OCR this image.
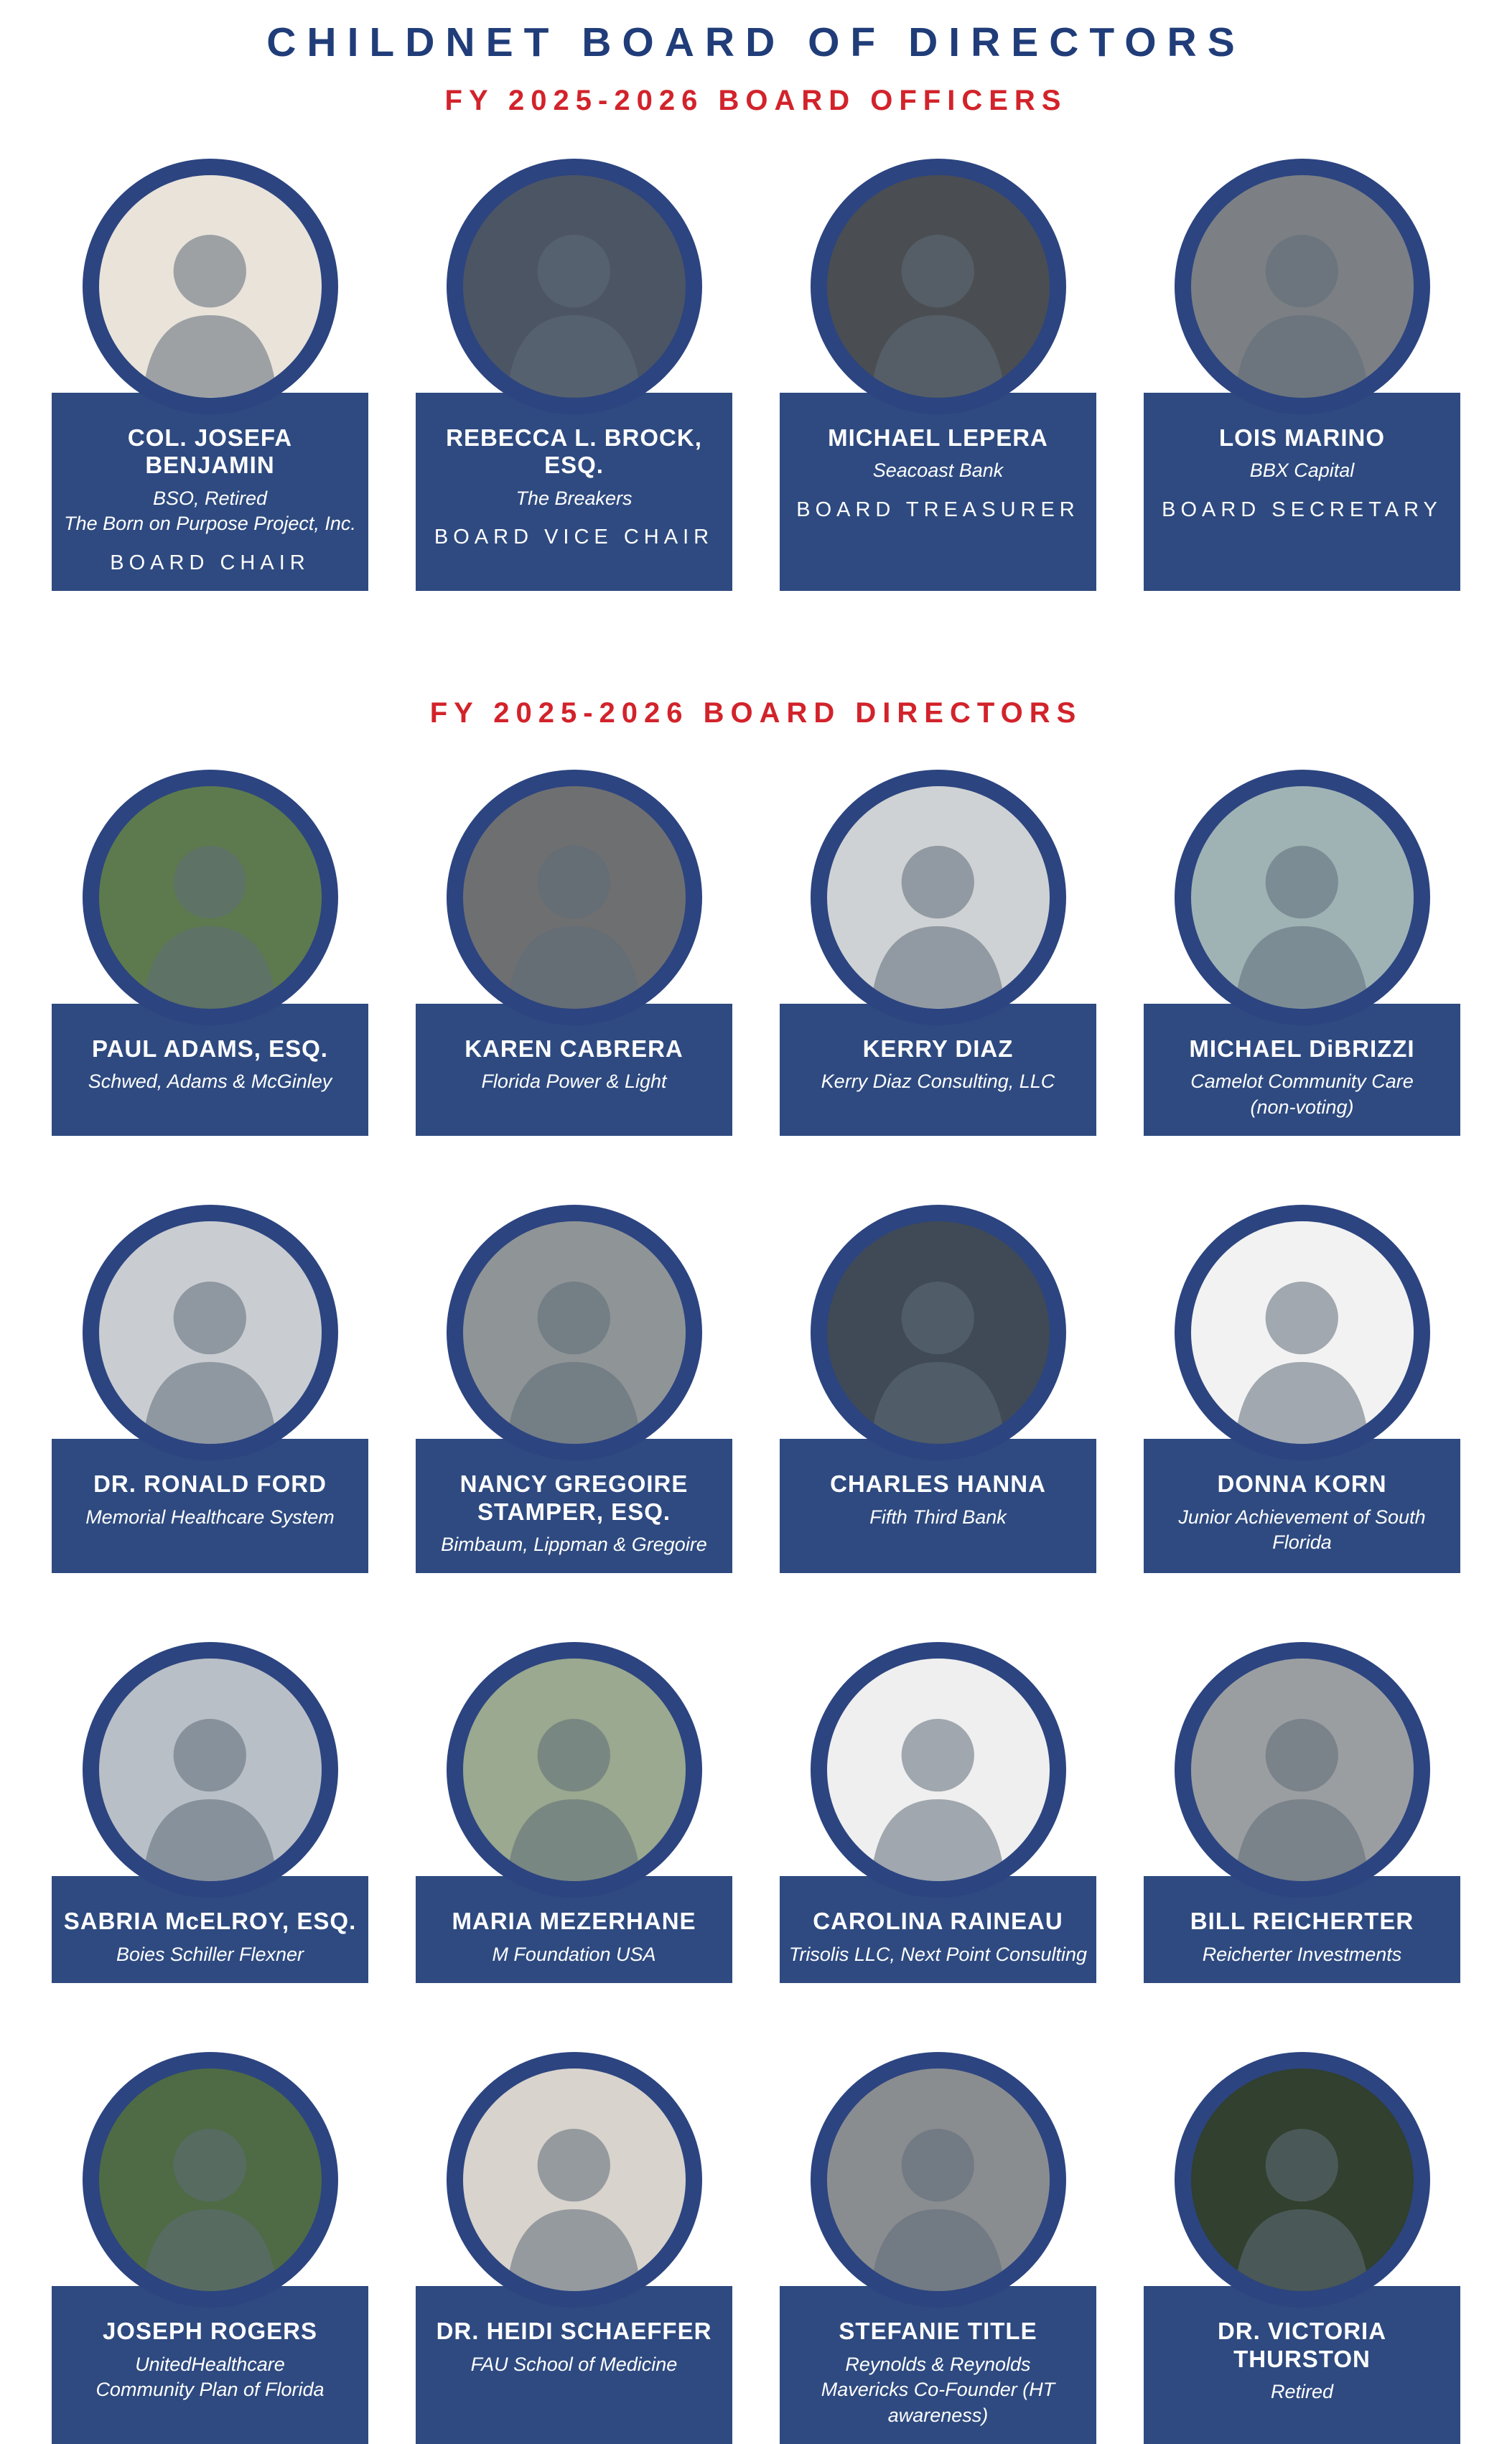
CHILDNET BOARD OF DIRECTORS
FY 2025-2026 BOARD OFFICERS
COL. JOSEFA BENJAMIN
BSO, Retired
The Born on Purpose Project, Inc.
BOARD CHAIR
REBECCA L. BROCK, ESQ.
The Breakers
BOARD VICE CHAIR
MICHAEL LEPERA
Seacoast Bank
BOARD TREASURER
LOIS MARINO
BBX Capital
BOARD SECRETARY
FY 2025-2026 BOARD DIRECTORS
PAUL ADAMS, ESQ.
Schwed, Adams & McGinley
KAREN CABRERA
Florida Power & Light
KERRY DIAZ
Kerry Diaz Consulting, LLC
MICHAEL DiBRIZZI
Camelot Community Care
(non-voting)
DR. RONALD FORD
Memorial Healthcare System
NANCY GREGOIRE STAMPER, ESQ.
Bimbaum, Lippman & Gregoire
CHARLES HANNA
Fifth Third Bank
DONNA KORN
Junior Achievement of South Florida
SABRIA McELROY, ESQ.
Boies Schiller Flexner
MARIA MEZERHANE
M Foundation USA
CAROLINA RAINEAU
Trisolis LLC, Next Point Consulting
BILL REICHERTER
Reicherter Investments
JOSEPH ROGERS
UnitedHealthcare
Community Plan of Florida
DR. HEIDI SCHAEFFER
FAU School of Medicine
STEFANIE TITLE
Reynolds & Reynolds
Mavericks Co-Founder (HT awareness)
DR. VICTORIA THURSTON
Retired
